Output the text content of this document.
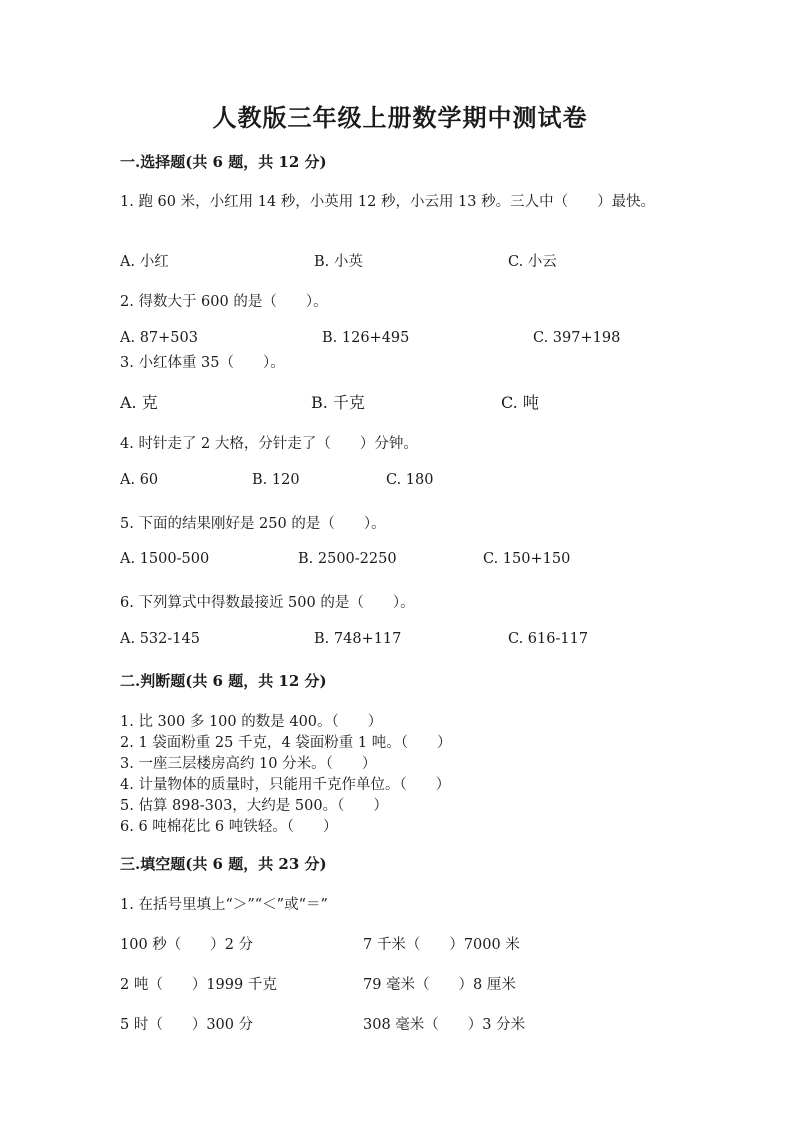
人教版三年级上册数学期中测试卷
一.选择题(共 6 题，共 12 分)
1. 跑 60 米，小红用 14 秒，小英用 12 秒，小云用 13 秒。三人中（　　）最快。
A. 小红	B. 小英	C. 小云
2. 得数大于 600 的是（　　）。
A. 87+503	B. 126+495	C. 397+198
3. 小红体重 35（　　）。
A. 克	B. 千克	C. 吨
4. 时针走了 2 大格，分针走了（　　）分钟。
A. 60	B. 120	C. 180
5. 下面的结果刚好是 250 的是（　　）。
A. 1500-500	B. 2500-2250	C. 150+150
6. 下列算式中得数最接近 500 的是（　　）。
A. 532-145	B. 748+117	C. 616-117
二.判断题(共 6 题，共 12 分)
1. 比 300 多 100 的数是 400。（　　）
2. 1 袋面粉重 25 千克，4 袋面粉重 1 吨。（　　）
3. 一座三层楼房高约 10 分米。（　　）
4. 计量物体的质量时，只能用千克作单位。（　　）
5. 估算 898-303，大约是 500。（　　）
6. 6 吨棉花比 6 吨铁轻。（　　）
三.填空题(共 6 题，共 23 分)
1. 在括号里填上“＞”“＜”或“＝”
100 秒（　　）2 分	7 千米（　　）7000 米
2 吨（　　）1999 千克	79 毫米（　　）8 厘米
5 时（　　）300 分	308 毫米（　　）3 分米
